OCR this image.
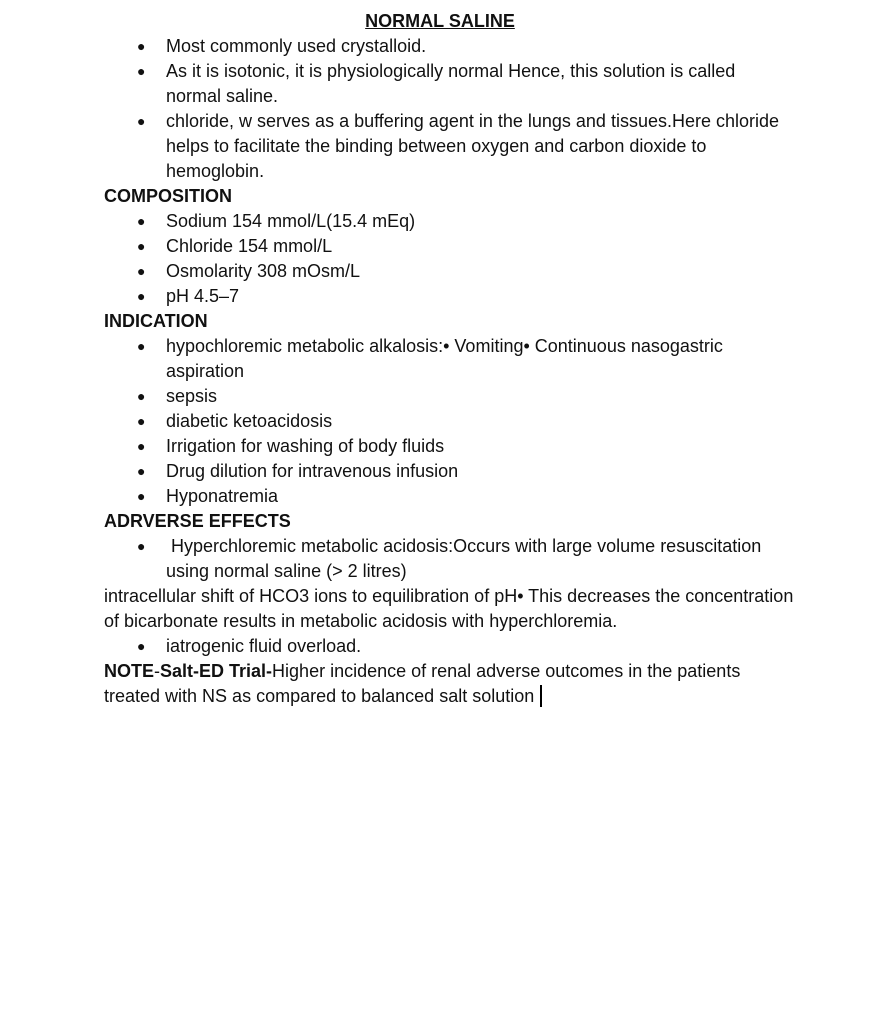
NORMAL SALINE

● Most commonly used crystalloid.
● As it is isotonic, it is physiologically normal Hence, this solution is called normal saline.
● chloride, w serves as a buffering agent in the lungs and tissues.Here chloride helps to facilitate the binding between oxygen and carbon dioxide to hemoglobin.

COMPOSITION

● Sodium 154 mmol/L(15.4 mEq)
● Chloride 154 mmol/L
● Osmolarity 308 mOsm/L
● pH 4.5–7

INDICATION

● hypochloremic metabolic alkalosis:• Vomiting• Continuous nasogastric aspiration
● sepsis
● diabetic ketoacidosis
● Irrigation for washing of body fluids
● Drug dilution for intravenous infusion
● Hyponatremia

ADRVERSE EFFECTS

● Hyperchloremic metabolic acidosis:Occurs with large volume resuscitation using normal saline (> 2 litres)

intracellular shift of HCO3 ions to equilibration of pH• This decreases the concentration of bicarbonate results in metabolic acidosis with hyperchloremia.

● iatrogenic fluid overload.

NOTE-Salt-ED Trial-Higher incidence of renal adverse outcomes in the patients treated with NS as compared to balanced salt solution
